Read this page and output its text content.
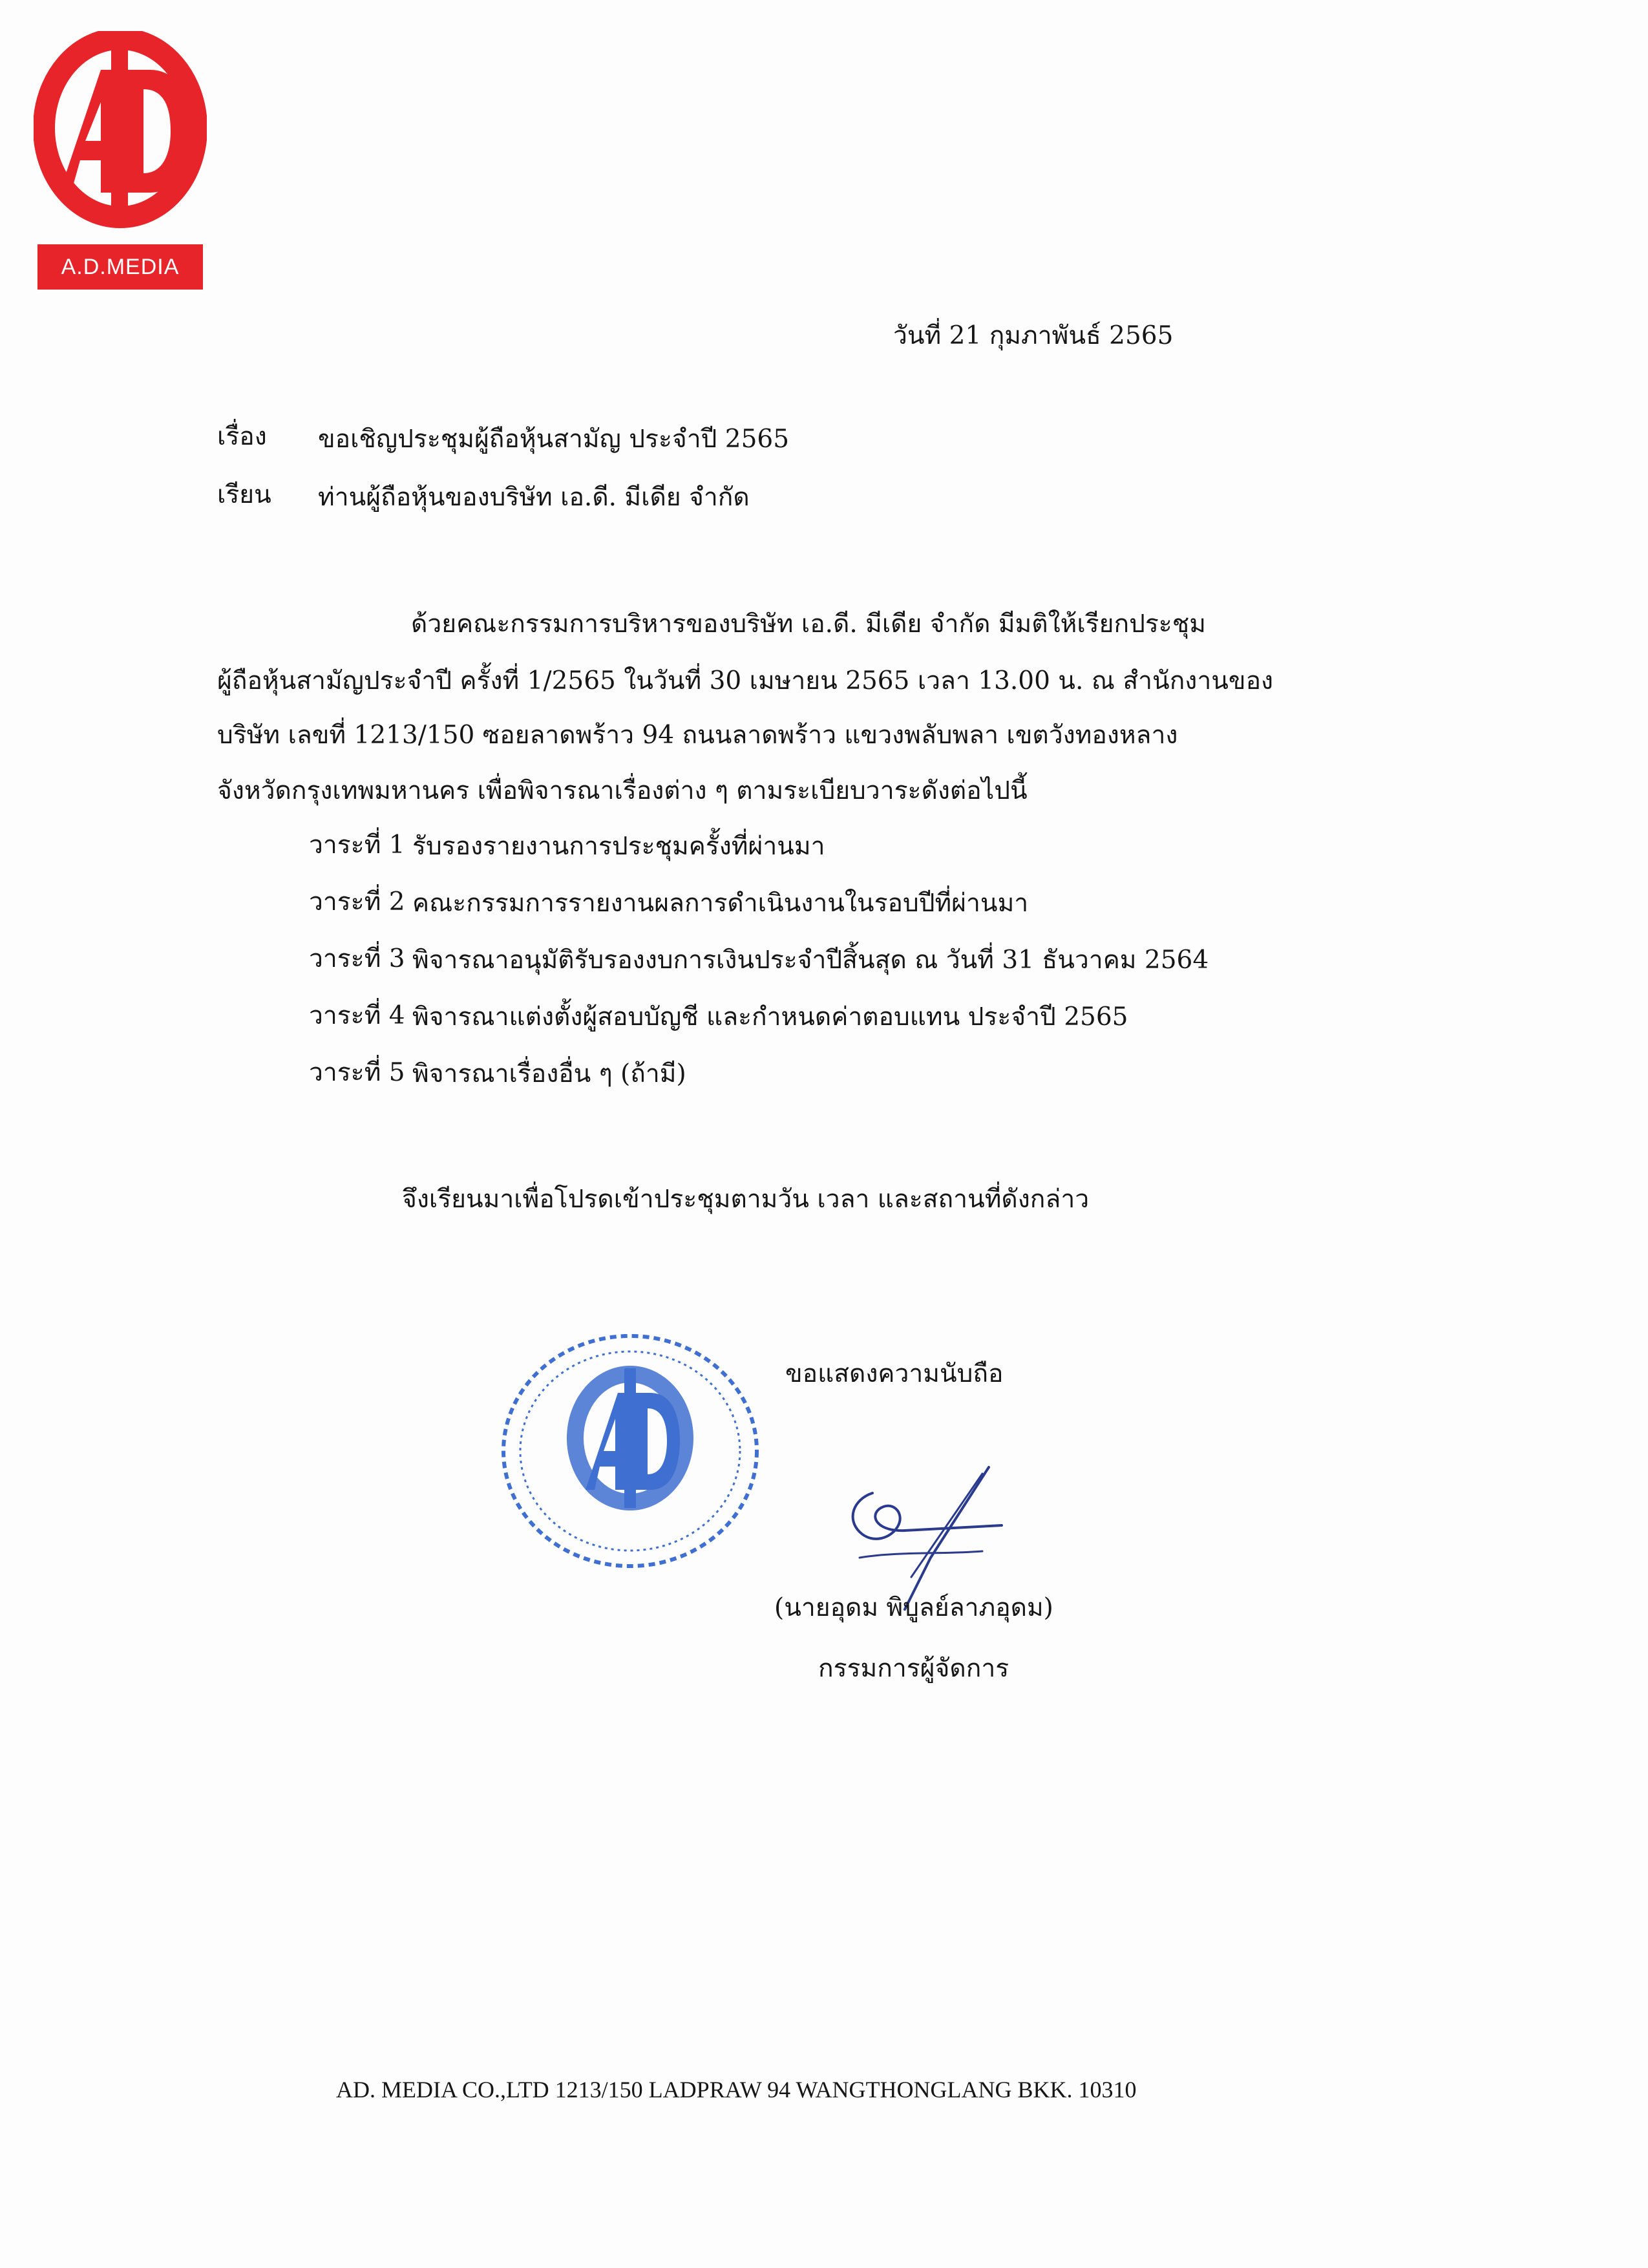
A.D.MEDIA
วันที่ 21 กุมภาพันธ์ 2565
เรื่อง ขอเชิญประชุมผู้ถือหุ้นสามัญ ประจำปี 2565
เรียน ท่านผู้ถือหุ้นของบริษัท เอ.ดี. มีเดีย จำกัด
ด้วยคณะกรรมการบริหารของบริษัท เอ.ดี. มีเดีย จำกัด มีมติให้เรียกประชุม
ผู้ถือหุ้นสามัญประจำปี ครั้งที่ 1/2565 ในวันที่ 30 เมษายน 2565 เวลา 13.00 น. ณ สำนักงานของ
บริษัท เลขที่ 1213/150 ซอยลาดพร้าว 94 ถนนลาดพร้าว แขวงพลับพลา เขตวังทองหลาง
จังหวัดกรุงเทพมหานคร เพื่อพิจารณาเรื่องต่าง ๆ ตามระเบียบวาระดังต่อไปนี้
วาระที่ 1 รับรองรายงานการประชุมครั้งที่ผ่านมา
วาระที่ 2 คณะกรรมการรายงานผลการดำเนินงานในรอบปีที่ผ่านมา
วาระที่ 3 พิจารณาอนุมัติรับรองงบการเงินประจำปีสิ้นสุด ณ วันที่ 31 ธันวาคม 2564
วาระที่ 4 พิจารณาแต่งตั้งผู้สอบบัญชี และกำหนดค่าตอบแทน ประจำปี 2565
วาระที่ 5 พิจารณาเรื่องอื่น ๆ (ถ้ามี)
จึงเรียนมาเพื่อโปรดเข้าประชุมตามวัน เวลา และสถานที่ดังกล่าว
ขอแสดงความนับถือ
(นายอุดม พิบูลย์ลาภอุดม)
กรรมการผู้จัดการ
AD. MEDIA CO.,LTD 1213/150 LADPRAW 94 WANGTHONGLANG BKK. 10310
